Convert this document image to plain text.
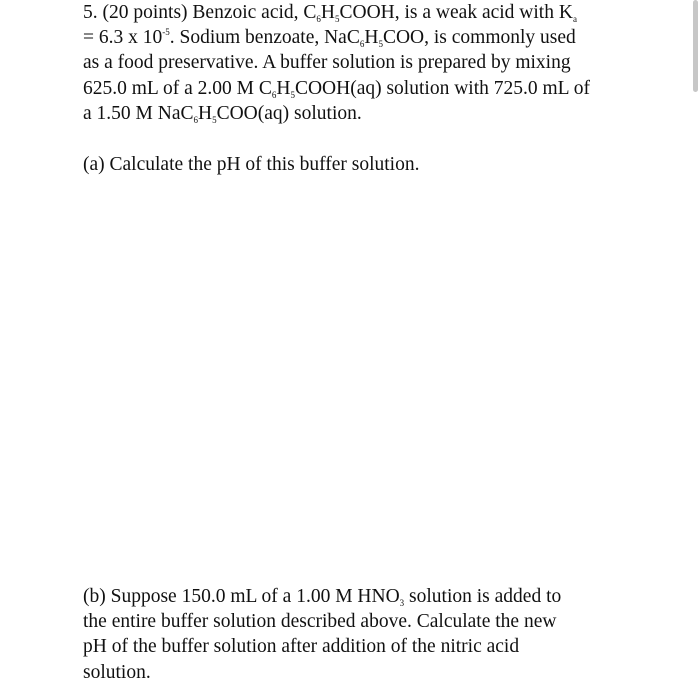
5. (20 points) Benzoic acid, $C_6H_5COOH$, is a weak acid with $K_a$
= 6.3 x $10^{-5}$. Sodium benzoate, $NaC_6H_5COO$, is commonly used
as a food preservative. A buffer solution is prepared by mixing
625.0 mL of a 2.00 M $C_6H_5COOH(aq)$ solution with 725.0 mL of
a 1.50 M $NaC_6H_5COO(aq)$ solution.
(a) Calculate the pH of this buffer solution.
(b) Suppose 150.0 mL of a 1.00 M $HNO_3$ solution is added to
the entire buffer solution described above. Calculate the new
pH of the buffer solution after addition of the nitric acid
solution.
